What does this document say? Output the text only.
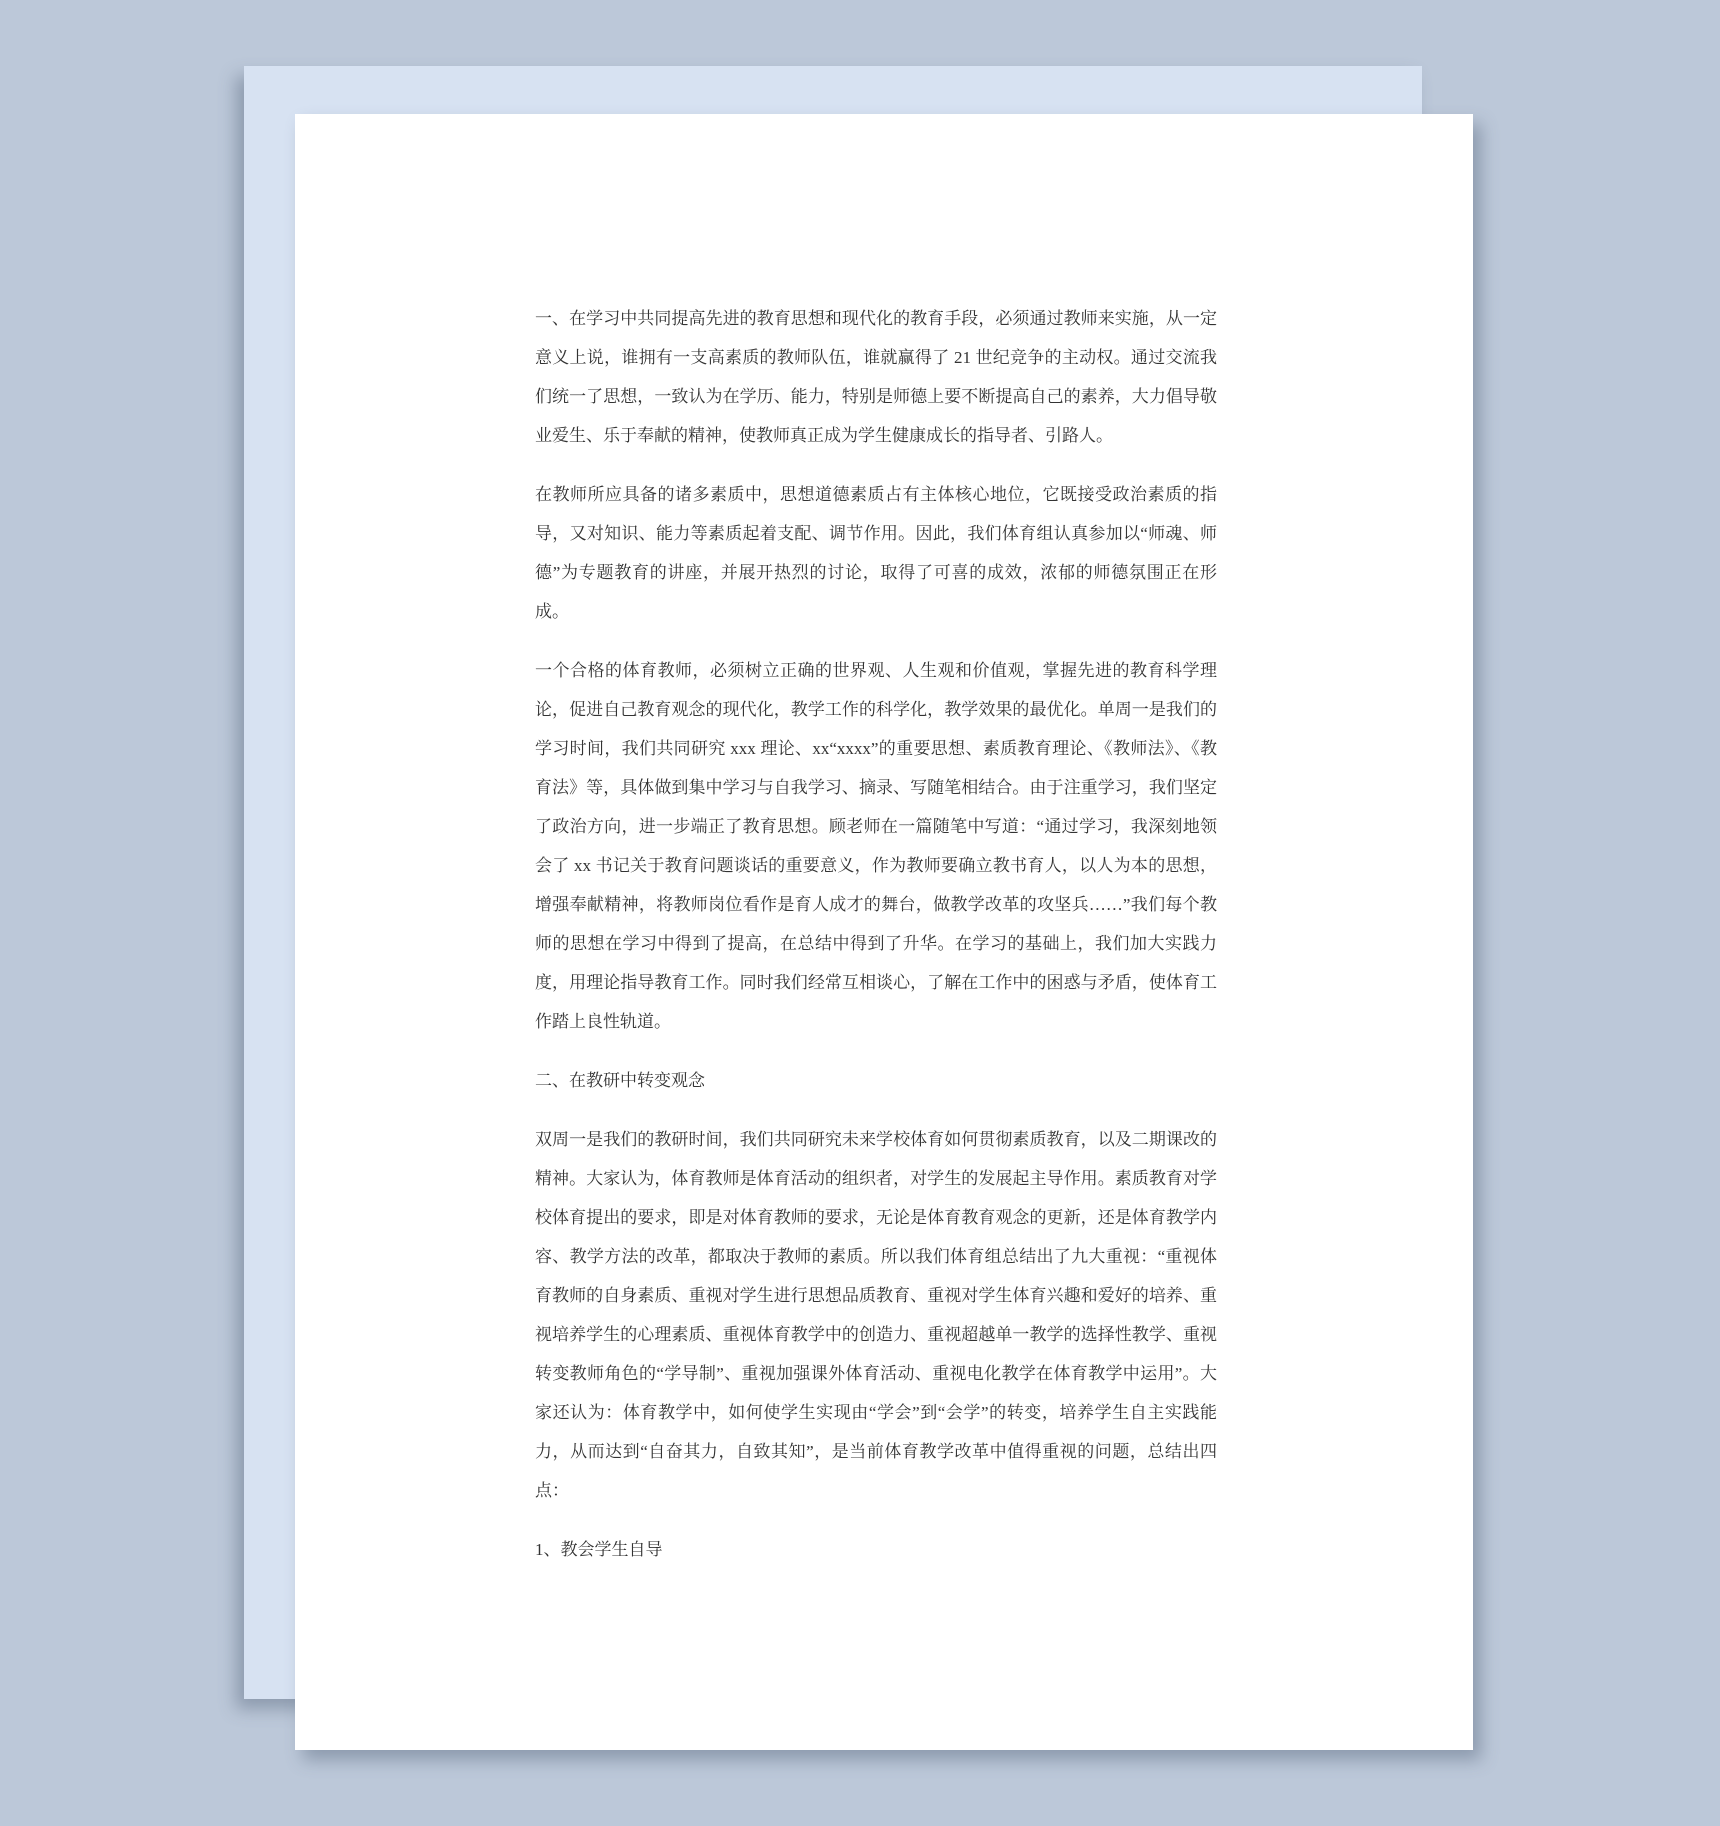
一、在学习中共同提高先进的教育思想和现代化的教育手段，必须通过教师来实施，从一定意义上说，谁拥有一支高素质的教师队伍，谁就赢得了 21 世纪竞争的主动权。通过交流我们统一了思想，一致认为在学历、能力，特别是师德上要不断提高自己的素养，大力倡导敬业爱生、乐于奉献的精神，使教师真正成为学生健康成长的指导者、引路人。

在教师所应具备的诸多素质中，思想道德素质占有主体核心地位，它既接受政治素质的指导，又对知识、能力等素质起着支配、调节作用。因此，我们体育组认真参加以“师魂、师德”为专题教育的讲座，并展开热烈的讨论，取得了可喜的成效，浓郁的师德氛围正在形成。

一个合格的体育教师，必须树立正确的世界观、人生观和价值观，掌握先进的教育科学理论，促进自己教育观念的现代化，教学工作的科学化，教学效果的最优化。单周一是我们的学习时间，我们共同研究 xxx 理论、xx“xxxx”的重要思想、素质教育理论、《教师法》、《教育法》等，具体做到集中学习与自我学习、摘录、写随笔相结合。由于注重学习，我们坚定了政治方向，进一步端正了教育思想。顾老师在一篇随笔中写道：“通过学习，我深刻地领会了 xx 书记关于教育问题谈话的重要意义，作为教师要确立教书育人，以人为本的思想，增强奉献精神，将教师岗位看作是育人成才的舞台，做教学改革的攻坚兵……”我们每个教师的思想在学习中得到了提高，在总结中得到了升华。在学习的基础上，我们加大实践力度，用理论指导教育工作。同时我们经常互相谈心，了解在工作中的困惑与矛盾，使体育工作踏上良性轨道。

二、在教研中转变观念

双周一是我们的教研时间，我们共同研究未来学校体育如何贯彻素质教育，以及二期课改的精神。大家认为，体育教师是体育活动的组织者，对学生的发展起主导作用。素质教育对学校体育提出的要求，即是对体育教师的要求，无论是体育教育观念的更新，还是体育教学内容、教学方法的改革，都取决于教师的素质。所以我们体育组总结出了九大重视：“重视体育教师的自身素质、重视对学生进行思想品质教育、重视对学生体育兴趣和爱好的培养、重视培养学生的心理素质、重视体育教学中的创造力、重视超越单一教学的选择性教学、重视转变教师角色的“学导制”、重视加强课外体育活动、重视电化教学在体育教学中运用”。大家还认为：体育教学中，如何使学生实现由“学会”到“会学”的转变，培养学生自主实践能力，从而达到“自奋其力，自致其知”，是当前体育教学改革中值得重视的问题，总结出四点：

1、教会学生自导
